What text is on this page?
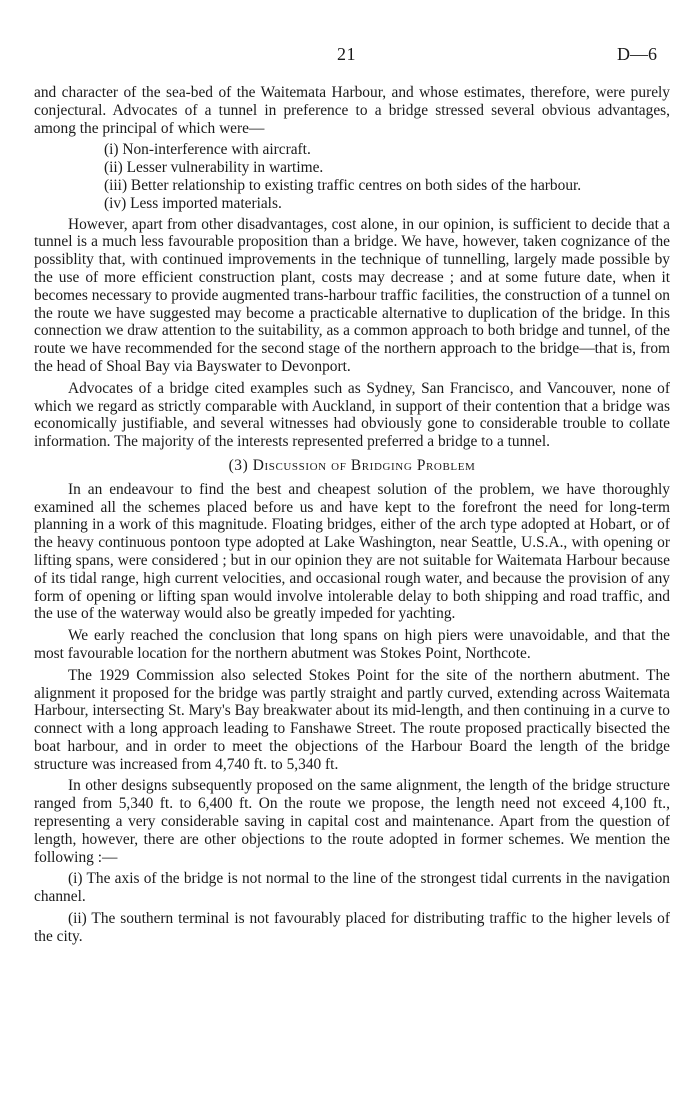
21	D—6

and character of the sea-bed of the Waitemata Harbour, and whose estimates, therefore, were purely conjectural. Advocates of a tunnel in preference to a bridge stressed several obvious advantages, among the principal of which were—

(i) Non-interference with aircraft.
(ii) Lesser vulnerability in wartime.
(iii) Better relationship to existing traffic centres on both sides of the harbour.
(iv) Less imported materials.

However, apart from other disadvantages, cost alone, in our opinion, is sufficient to decide that a tunnel is a much less favourable proposition than a bridge. We have, however, taken cognizance of the possiblity that, with continued improvements in the technique of tunnelling, largely made possible by the use of more efficient construction plant, costs may decrease ; and at some future date, when it becomes necessary to provide augmented trans-harbour traffic facilities, the construction of a tunnel on the route we have suggested may become a practicable alternative to duplication of the bridge. In this connection we draw attention to the suitability, as a common approach to both bridge and tunnel, of the route we have recommended for the second stage of the northern approach to the bridge—that is, from the head of Shoal Bay via Bayswater to Devonport.

Advocates of a bridge cited examples such as Sydney, San Francisco, and Vancouver, none of which we regard as strictly comparable with Auckland, in support of their contention that a bridge was economically justifiable, and several witnesses had obviously gone to considerable trouble to collate information. The majority of the interests represented preferred a bridge to a tunnel.

(3) Discussion of Bridging Problem

In an endeavour to find the best and cheapest solution of the problem, we have thoroughly examined all the schemes placed before us and have kept to the forefront the need for long-term planning in a work of this magnitude. Floating bridges, either of the arch type adopted at Hobart, or of the heavy continuous pontoon type adopted at Lake Washington, near Seattle, U.S.A., with opening or lifting spans, were considered ; but in our opinion they are not suitable for Waitemata Harbour because of its tidal range, high current velocities, and occasional rough water, and because the provision of any form of opening or lifting span would involve intolerable delay to both shipping and road traffic, and the use of the waterway would also be greatly impeded for yachting.

We early reached the conclusion that long spans on high piers were unavoidable, and that the most favourable location for the northern abutment was Stokes Point, Northcote.

The 1929 Commission also selected Stokes Point for the site of the northern abutment. The alignment it proposed for the bridge was partly straight and partly curved, extending across Waitemata Harbour, intersecting St. Mary's Bay breakwater about its mid-length, and then continuing in a curve to connect with a long approach leading to Fanshawe Street. The route proposed practically bisected the boat harbour, and in order to meet the objections of the Harbour Board the length of the bridge structure was increased from 4,740 ft. to 5,340 ft.

In other designs subsequently proposed on the same alignment, the length of the bridge structure ranged from 5,340 ft. to 6,400 ft. On the route we propose, the length need not exceed 4,100 ft., representing a very considerable saving in capital cost and maintenance. Apart from the question of length, however, there are other objections to the route adopted in former schemes. We mention the following :—

(i) The axis of the bridge is not normal to the line of the strongest tidal currents in the navigation channel.

(ii) The southern terminal is not favourably placed for distributing traffic to the higher levels of the city.
